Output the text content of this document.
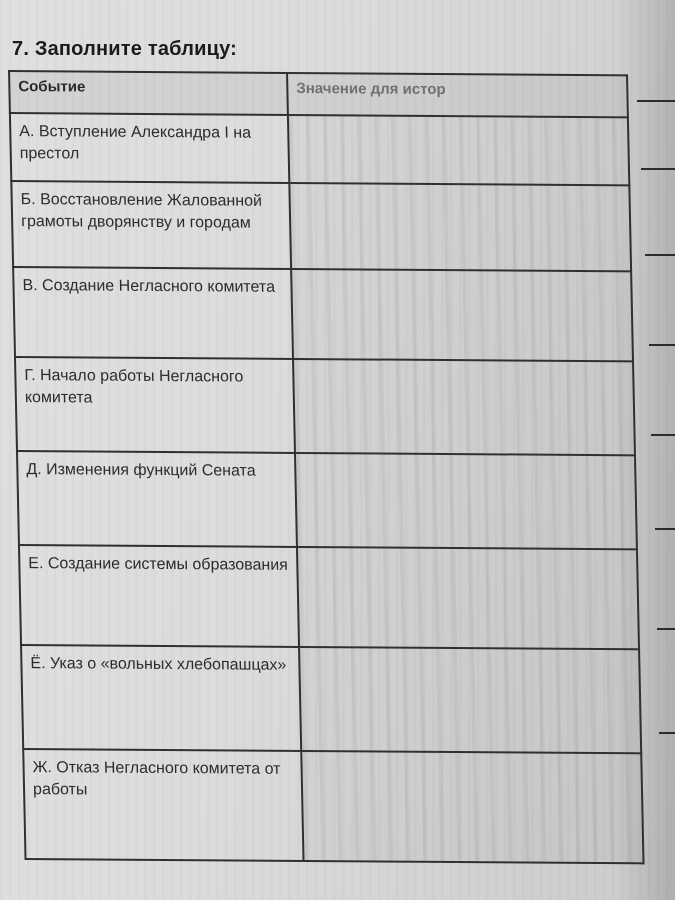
7. Заполните таблицу:
Событие	Значение для истор
А. Вступление Александра I на престол	
Б. Восстановление Жалованной грамоты дворянству и городам	
В. Создание Негласного комитета	
Г. Начало работы Негласного комитета	
Д. Изменения функций Сената	
Е. Создание системы образования	
Ё. Указ о «вольных хлебопашцах»	
Ж. Отказ Негласного комитета от работы	
